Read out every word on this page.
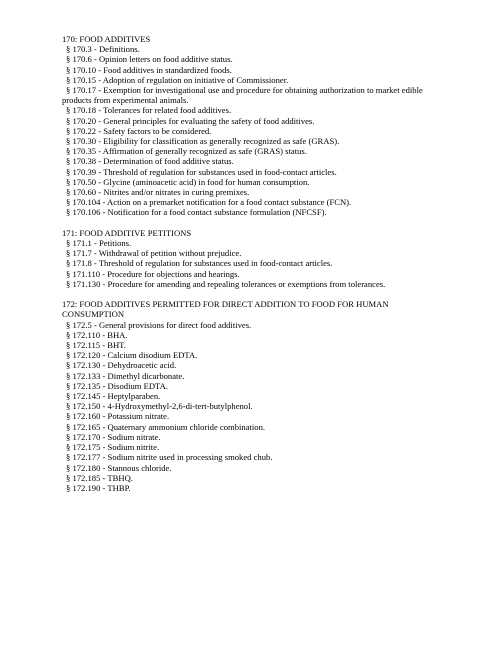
170: FOOD ADDITIVES
§ 170.3 - Definitions.
§ 170.6 - Opinion letters on food additive status.
§ 170.10 - Food additives in standardized foods.
§ 170.15 - Adoption of regulation on initiative of Commissioner.
§ 170.17 - Exemption for investigational use and procedure for obtaining authorization to market edible products from experimental animals.
§ 170.18 - Tolerances for related food additives.
§ 170.20 - General principles for evaluating the safety of food additives.
§ 170.22 - Safety factors to be considered.
§ 170.30 - Eligibility for classification as generally recognized as safe (GRAS).
§ 170.35 - Affirmation of generally recognized as safe (GRAS) status.
§ 170.38 - Determination of food additive status.
§ 170.39 - Threshold of regulation for substances used in food-contact articles.
§ 170.50 - Glycine (aminoacetic acid) in food for human consumption.
§ 170.60 - Nitrites and/or nitrates in curing premixes.
§ 170.104 - Action on a premarket notification for a food contact substance (FCN).
§ 170.106 - Notification for a food contact substance formulation (NFCSF).
171: FOOD ADDITIVE PETITIONS
§ 171.1 - Petitions.
§ 171.7 - Withdrawal of petition without prejudice.
§ 171.8 - Threshold of regulation for substances used in food-contact articles.
§ 171.110 - Procedure for objections and hearings.
§ 171.130 - Procedure for amending and repealing tolerances or exemptions from tolerances.
172: FOOD ADDITIVES PERMITTED FOR DIRECT ADDITION TO FOOD FOR HUMAN CONSUMPTION
§ 172.5 - General provisions for direct food additives.
§ 172.110 - BHA.
§ 172.115 - BHT.
§ 172.120 - Calcium disodium EDTA.
§ 172.130 - Dehydroacetic acid.
§ 172.133 - Dimethyl dicarbonate.
§ 172.135 - Disodium EDTA.
§ 172.145 - Heptylparaben.
§ 172.150 - 4-Hydroxymethyl-2,6-di-tert-butylphenol.
§ 172.160 - Potassium nitrate.
§ 172.165 - Quaternary ammonium chloride combination.
§ 172.170 - Sodium nitrate.
§ 172.175 - Sodium nitrite.
§ 172.177 - Sodium nitrite used in processing smoked chub.
§ 172.180 - Stannous chloride.
§ 172.185 - TBHQ.
§ 172.190 - THBP.
